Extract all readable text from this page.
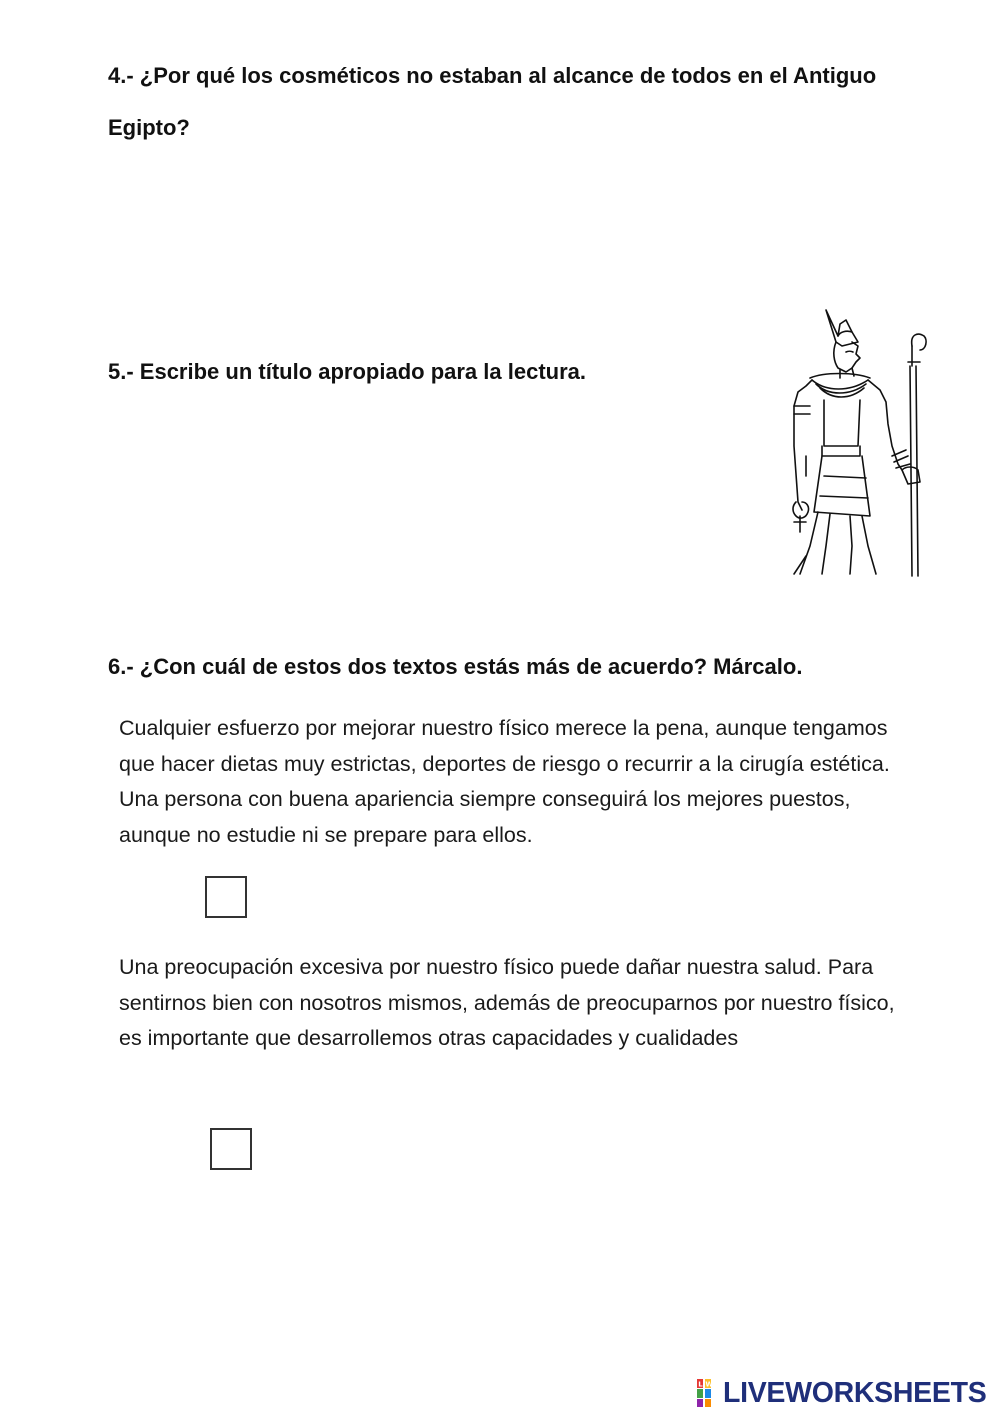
4.- ¿Por qué los cosméticos no estaban al alcance de todos en el Antiguo Egipto?

5.- Escribe un título apropiado para la lectura.

6.- ¿Con cuál de estos dos textos estás más de acuerdo? Márcalo.

Cualquier esfuerzo por mejorar nuestro físico merece la pena, aunque tengamos que hacer dietas muy estrictas, deportes de riesgo o recurrir a la cirugía estética. Una persona con buena apariencia siempre conseguirá los mejores puestos, aunque no estudie ni se prepare para ellos.

Una preocupación excesiva por nuestro físico puede dañar nuestra salud. Para sentirnos bien con nosotros mismos, además de preocuparnos por nuestro físico, es importante que desarrollemos otras capacidades y cualidades

L W LIVEWORKSHEETS
